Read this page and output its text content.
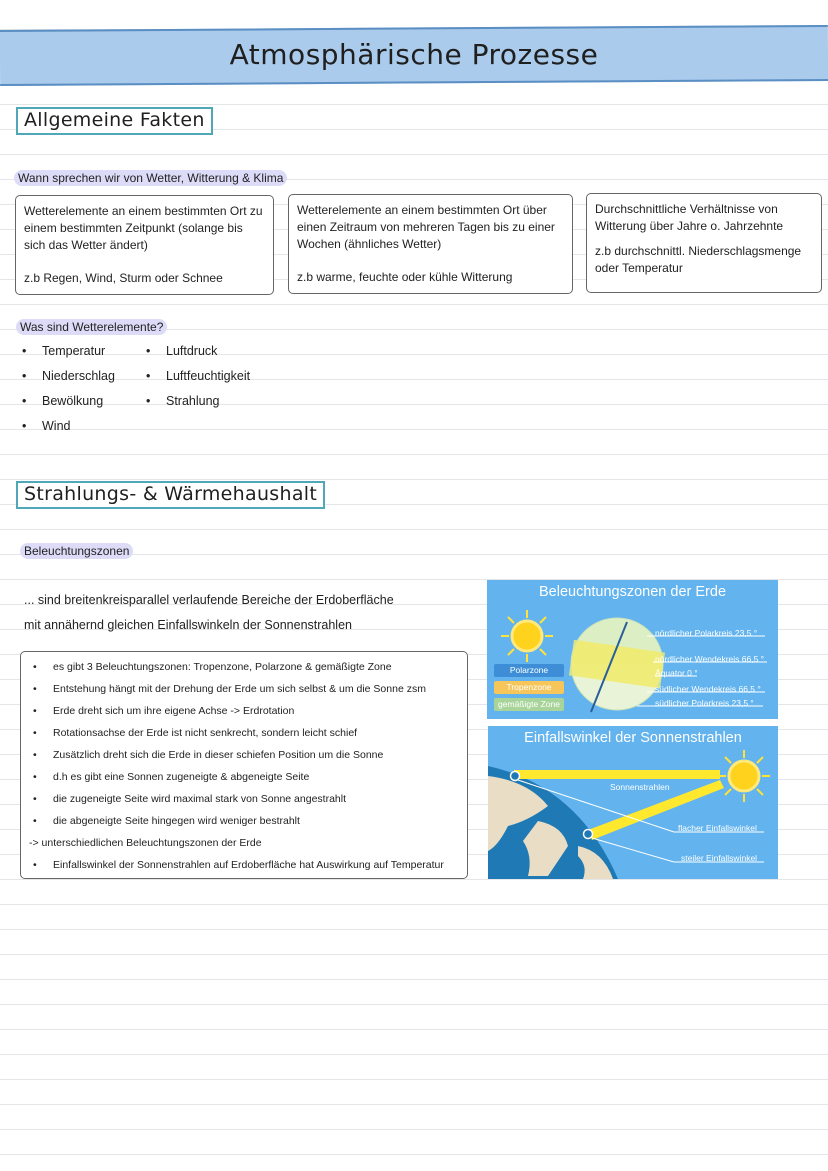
Atmosphärische Prozesse
Allgemeine Fakten
Wann sprechen wir von Wetter, Witterung & Klima

Wetterelemente an einem bestimmten Ort zu einem bestimmten Zeitpunkt (solange bis sich das Wetter ändert)

z.b Regen, Wind, Sturm oder Schnee

Wetterelemente an einem bestimmten Ort über einen Zeitraum von mehreren Tagen bis zu einer Wochen (ähnliches Wetter)

z.b warme, feuchte oder kühle Witterung

Durchschnittliche Verhältnisse von Witterung über Jahre o. Jahrzehnte

z.b durchschnittl. Niederschlagsmenge oder Temperatur

Was sind Wetterelemente?
• Temperatur
• Niederschlag
• Bewölkung
• Wind
• Luftdruck
• Luftfeuchtigkeit
• Strahlung
Strahlungs- & Wärmehaushalt
Beleuchtungszonen
... sind breitenkreisparallel verlaufende Bereiche der Erdoberfläche
mit annähernd gleichen Einfallswinkeln der Sonnenstrahlen
• es gibt 3 Beleuchtungszonen: Tropenzone, Polarzone & gemäßigte Zone
• Entstehung hängt mit der Drehung der Erde um sich selbst & um die Sonne zsm
• Erde dreht sich um ihre eigene Achse -> Erdrotation
• Rotationsachse der Erde ist nicht senkrecht, sondern leicht schief
• Zusätzlich dreht sich die Erde in dieser schiefen Position um die Sonne
• d.h es gibt eine Sonnen zugeneigte & abgeneigte Seite
• die zugeneigte Seite wird maximal stark von Sonne angestrahlt
• die abgeneigte Seite hingegen wird weniger bestrahlt
-> unterschiedlichen Beleuchtungszonen der Erde
• Einfallswinkel der Sonnenstrahlen auf Erdoberfläche hat Auswirkung auf Temperatur
Beleuchtungszonen der Erde
nördlicher Polarkreis 23,5 °
nördlicher Wendekreis 66,5 °
Äquator 0 °
südlicher Wendekreis 66,5 °
südlicher Polarkreis 23,5 °
Polarzone
Tropenzone
gemäßigte Zone
Einfallswinkel der Sonnenstrahlen
Sonnenstrahlen
flacher Einfallswinkel
steiler Einfallswinkel
